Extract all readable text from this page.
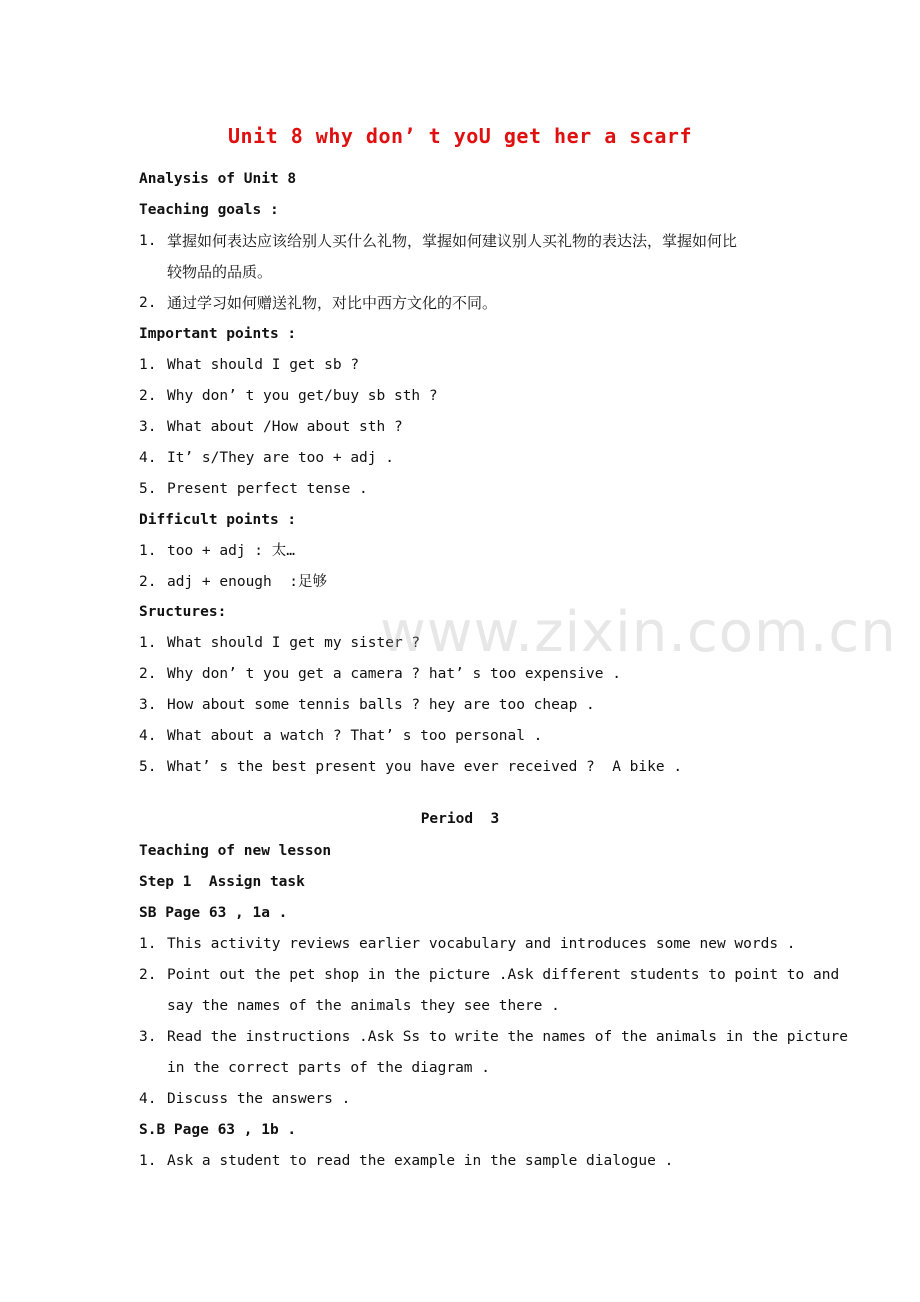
Unit 8 why don’ t yoU get her a scarf
Analysis of Unit 8
Teaching goals :
1. 掌握如何表达应该给别人买什么礼物，掌握如何建议别人买礼物的表达法，掌握如何比
较物品的品质。
2. 通过学习如何赠送礼物，对比中西方文化的不同。
Important points :
1. What should I get sb ?
2. Why don’ t you get/buy sb sth ?
3. What about /How about sth ?
4. It’ s/They are too + adj .
5. Present perfect tense .
Difficult points :
1. too + adj : 太…
2. adj + enough  :足够
Sructures:
1. What should I get my sister ?
2. Why don’ t you get a camera ? hat’ s too expensive .
3. How about some tennis balls ? hey are too cheap .
4. What about a watch ? That’ s too personal .
5. What’ s the best present you have ever received ?  A bike .
Period  3
Teaching of new lesson
Step 1  Assign task
SB Page 63 , 1a .
1. This activity reviews earlier vocabulary and introduces some new words .
2. Point out the pet shop in the picture .Ask different students to point to and
say the names of the animals they see there .
3. Read the instructions .Ask Ss to write the names of the animals in the picture
in the correct parts of the diagram .
4. Discuss the answers .
S.B Page 63 , 1b .
1. Ask a student to read the example in the sample dialogue .
www.zixin.com.cn
